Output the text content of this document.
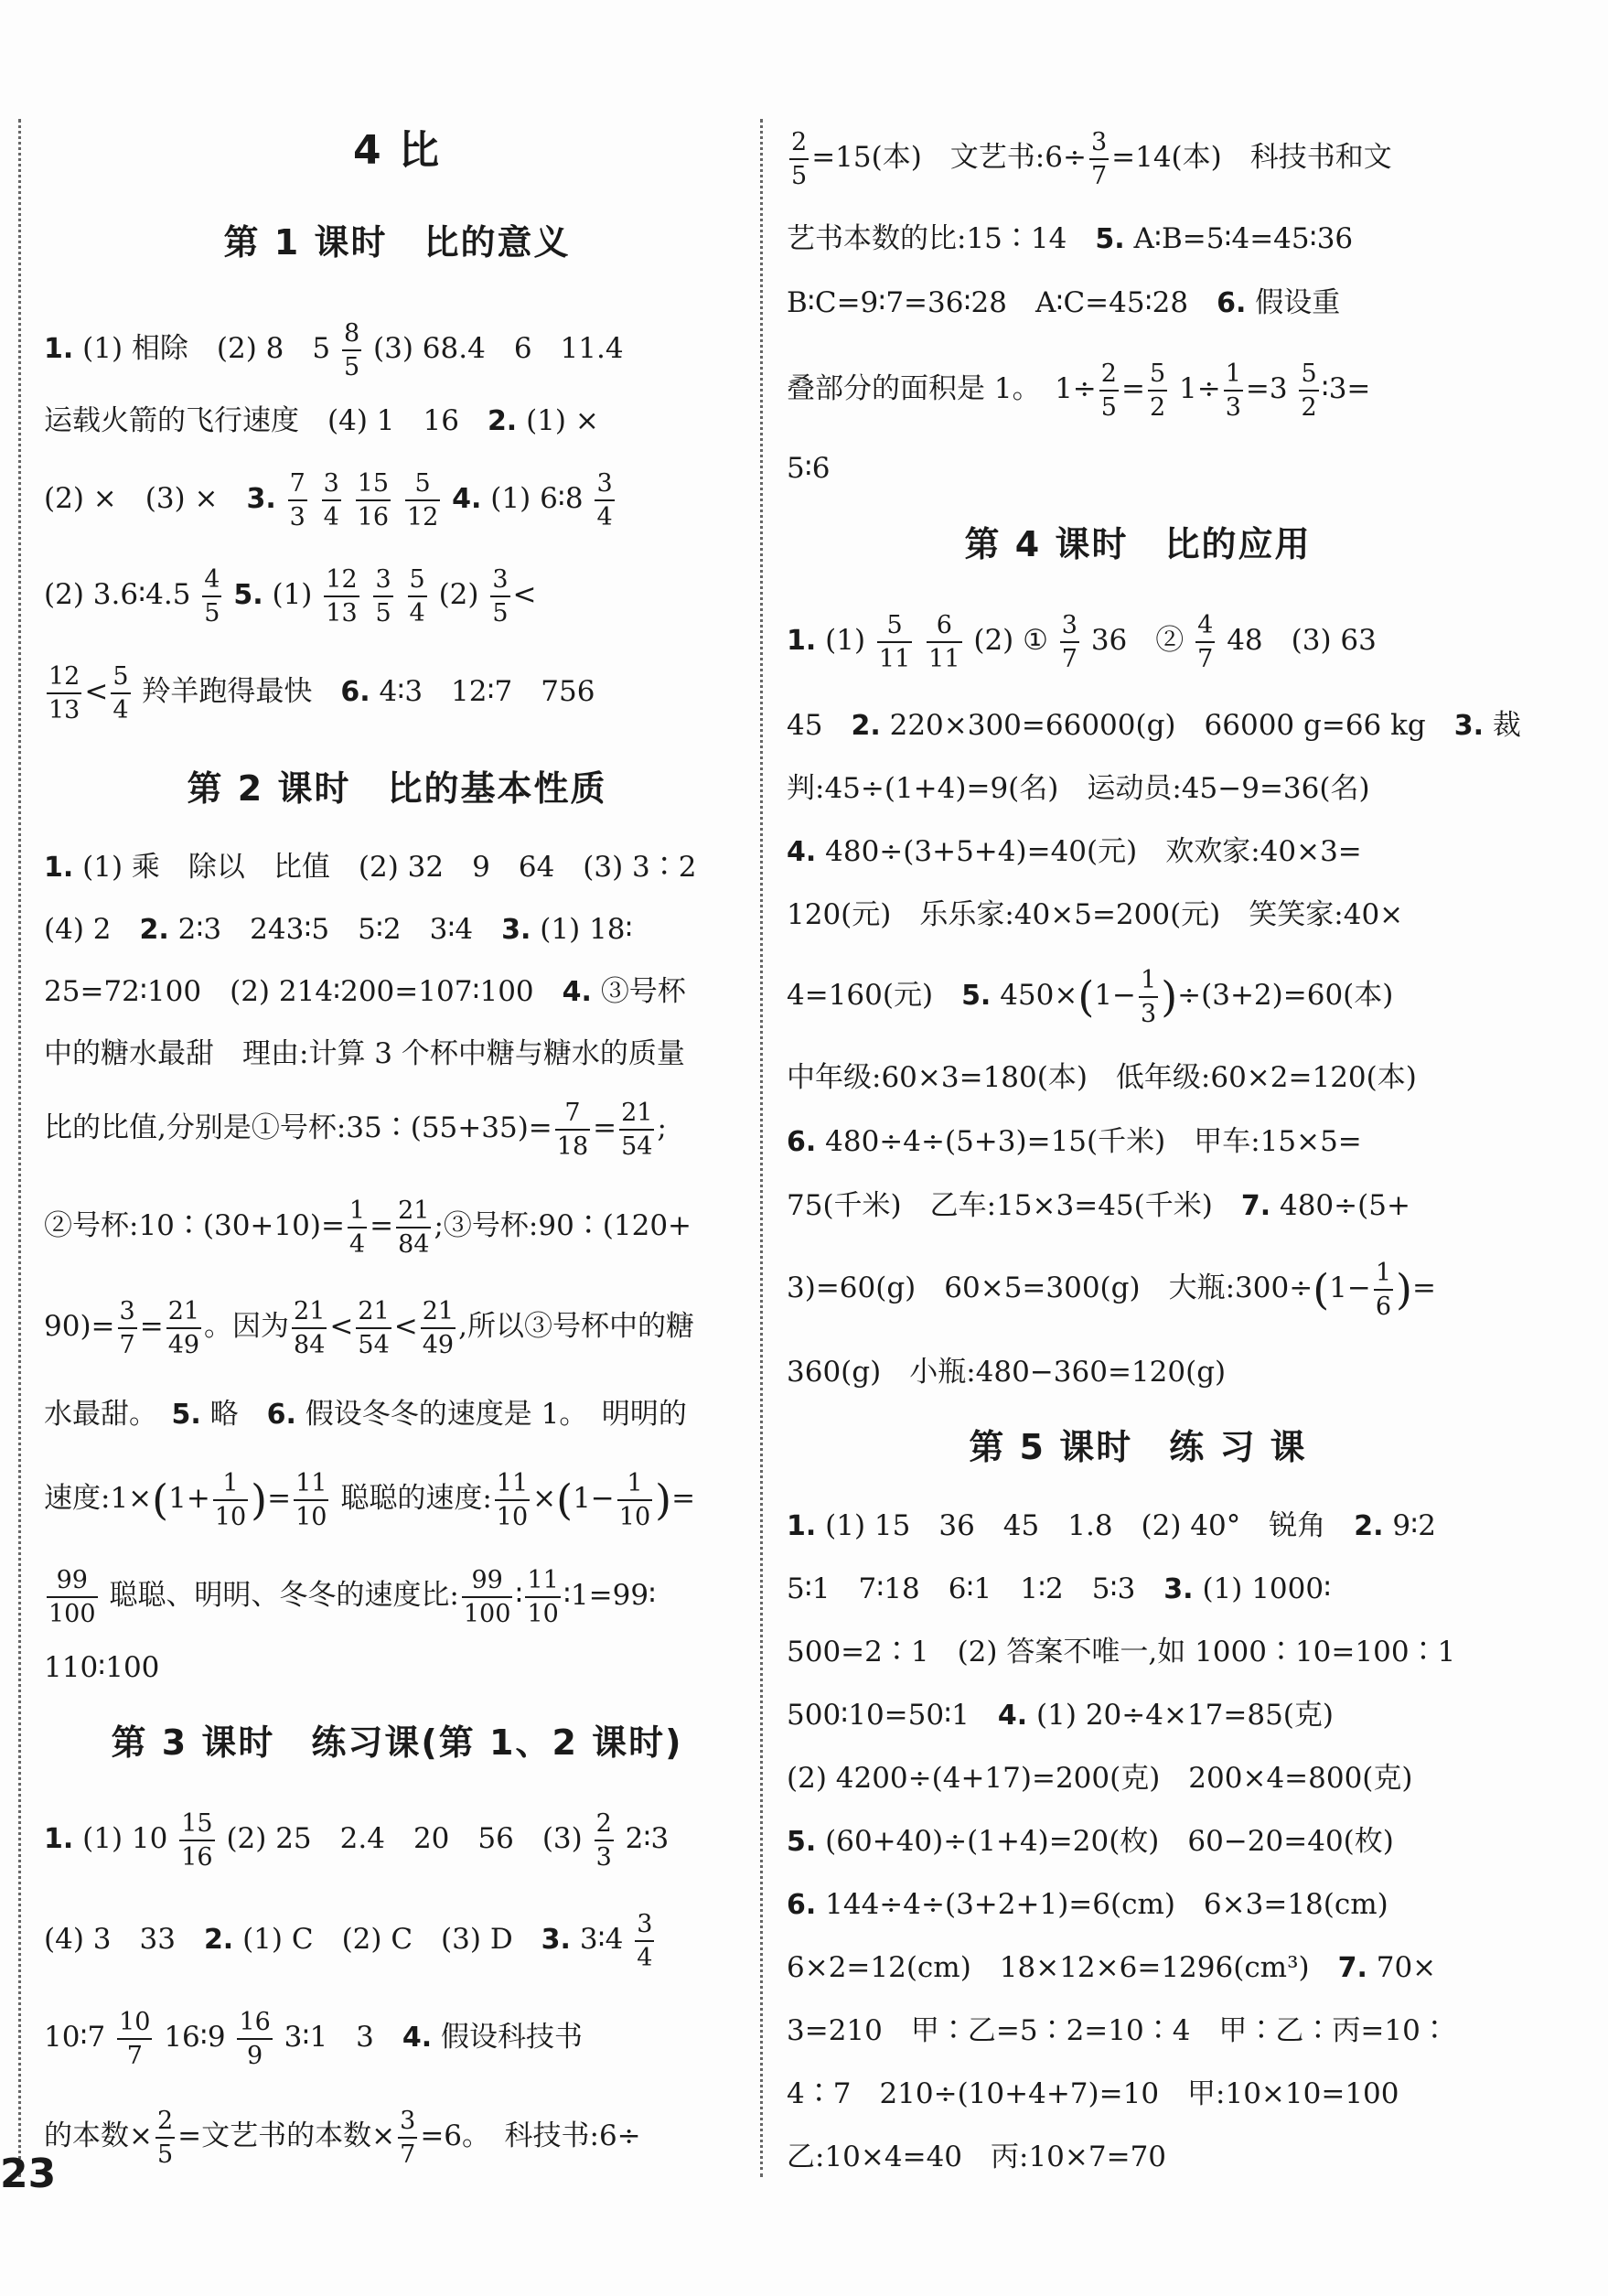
4 比
第 1 课时　比的意义
1. (1) 相除　(2) 8　$5 \frac{8}{5} (3)$ 68.4　6　11.4
运载火箭的飞行速度　(4) 1　16　 2. (1) ×
(2) ×　(3) ×　 3. $\frac{7}{3}$
$\frac{3}{4}$
$\frac{15}{16}$
$\frac{5}{12} 4$. (1) 6∶8 $\frac{3}{4}$
(2) 3.6∶4.5 $\frac{4}{5} 5$. $(1) \frac{12}{13}$
$\frac{3}{5}$
$\frac{5}{4} (2) \frac{3}{5}$ <
$\frac{12}{13} < \frac{5}{4}$ 羚羊跑得最快　 6. 4∶3　12∶7　756
第 2 课时　比的基本性质
1. (1) 乘　除以　比值　(2) 32　9　64　(3) 3∶2
(4) 2　 2. 2∶3　243∶5　5∶2　3∶4　 3. (1) 18∶
25=72∶100　(2) 214∶200=107∶100　 4. ③号杯
中的糖水最甜　理由:计算 3 个杯中糖与糖水的质量
比的比值,分别是①号杯:35∶(55+35)= $\frac{7}{18} = \frac{21}{54}$ ;
②号杯:10∶(30+10)= $\frac{1}{4} = \frac{21}{84}$ ;③号杯:90∶(120+
$90)= \frac{3}{7} = \frac{21}{49}$ 。因为 $\frac{21}{84} < \frac{21}{54} < \frac{21}{49}$ ,所以③号杯中的糖
水最甜。　 5. 略　 6. 假设冬冬的速度是 1。　明明的
速度:1×(1+ $\frac{1}{10}$ )= $\frac{11}{10}$ 聪聪的速度: $\frac{11}{10} \times(1- \frac{1}{10}$ )=
$\frac{99}{100}$ 聪聪、明明、冬冬的速度比: $\frac{99}{100}$ ∶ $\frac{11}{10}$ ∶1=99∶
110∶100
第 3 课时　练习课(第 1、2 课时)
1. (1) $10 \frac{15}{16} (2)$ 25　2.4　20　56　$(3) \frac{2}{3}$ 2∶3
(4) 3　33　 2. (1) C　(2) C　(3) D　 3. 3∶4 $\frac{3}{4}$
10∶7 $\frac{10}{7}$ 16∶9 $\frac{16}{9}$ 3∶1　3　 4. 假设科技书
的本数× $\frac{2}{5}$ =文艺书的本数× $\frac{3}{7} =6$。　科技书:6÷
$\frac{2}{5} =15$(本)　文艺书:6÷ $\frac{3}{7} =14$(本)　科技书和文
艺书本数的比:15∶14　 5. A∶B=5∶4=45∶36
B∶C=9∶7=36∶28　A∶C=45∶28　 6. 假设重
叠部分的面积是 1。　$1\div \frac{2}{5} = \frac{5}{2} 1\div \frac{1}{3} =3 \frac{5}{2}$ ∶3=
5∶6
第 4 课时　比的应用
1. $(1) \frac{5}{11}$
$\frac{6}{11} (2)$ ① $\frac{3}{7} 36$　② $\frac{4}{7} 48$　(3) 63
45　 2. 220×300=66000(g)　66000 g=66 kg　 3. 裁
判:45÷(1+4)=9(名)　运动员:45−9=36(名)
4. 480÷(3+5+4)=40(元)　欢欢家:40×3=
120(元)　乐乐家:40×5=200(元)　笑笑家:40×
4=160(元)　 5. $450\times(1- \frac{1}{3} )\div(3+2)=60$(本)
中年级:60×3=180(本)　低年级:60×2=120(本)
6. 480÷4÷(5+3)=15(千米)　甲车:15×5=
75(千米)　乙车:15×3=45(千米)　 7. 480÷(5+
3)=60(g)　60×5=300(g)　大瓶:300÷(1− $\frac{1}{6}$ )=
360(g)　小瓶:480−360=120(g)
第 5 课时　练 习 课
1. (1) 15　36　45　1.8　(2) 40°　锐角　 2. 9∶2
5∶1　7∶18　6∶1　1∶2　5∶3　 3. (1) 1000∶
500=2∶1　(2) 答案不唯一,如 1000∶10=100∶1
500∶10=50∶1　 4. (1) 20÷4×17=85(克)
(2) 4200÷(4+17)=200(克)　200×4=800(克)
5. (60+40)÷(1+4)=20(枚)　60−20=40(枚)
6. 144÷4÷(3+2+1)=6(cm)　6×3=18(cm)
6×2=12(cm)　18×12×6=1296(cm³)　 7. 70×
3=210　甲∶乙=5∶2=10∶4　甲∶乙∶丙=10∶
4∶7　210÷(10+4+7)=10　甲:10×10=100
乙:10×4=40　丙:10×7=70
23
